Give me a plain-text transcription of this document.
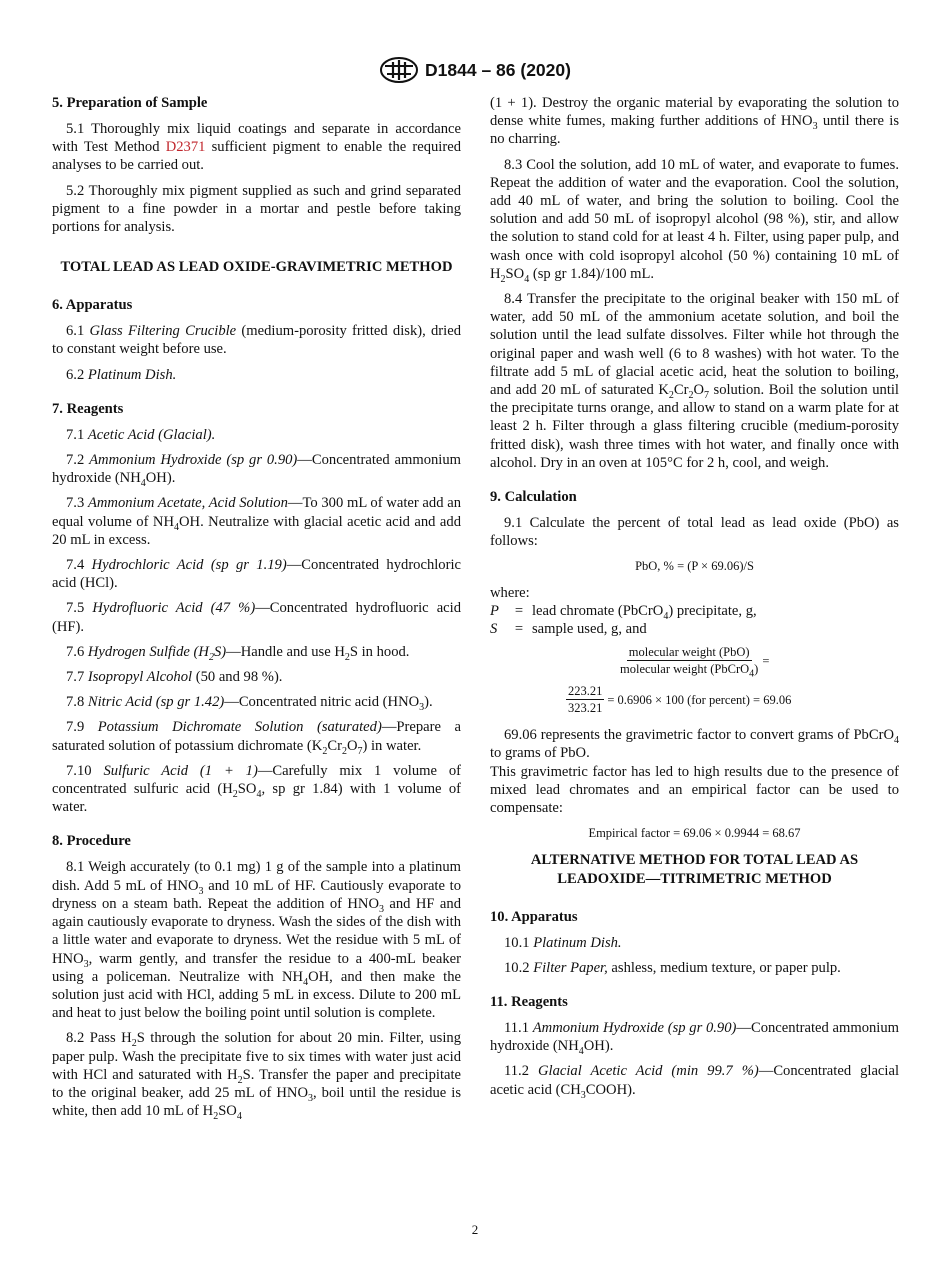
D1844 – 86 (2020)
5. Preparation of Sample
5.1 Thoroughly mix liquid coatings and separate in accordance with Test Method D2371 sufficient pigment to enable the required analyses to be carried out.
5.2 Thoroughly mix pigment supplied as such and grind separated pigment to a fine powder in a mortar and pestle before taking portions for analysis.
TOTAL LEAD AS LEAD OXIDE-GRAVIMETRIC METHOD
6. Apparatus
6.1 Glass Filtering Crucible (medium-porosity fritted disk), dried to constant weight before use.
6.2 Platinum Dish.
7. Reagents
7.1 Acetic Acid (Glacial).
7.2 Ammonium Hydroxide (sp gr 0.90)—Concentrated ammonium hydroxide $(NH_4OH)$.
7.3 Ammonium Acetate, Acid Solution—To 300 mL of water add an equal volume of $NH_4OH$. Neutralize with glacial acetic acid and add 20 mL in excess.
7.4 Hydrochloric Acid (sp gr 1.19)—Concentrated hydrochloric acid (HCl).
7.5 Hydrofluoric Acid (47 %)—Concentrated hydrofluoric acid (HF).
7.6 Hydrogen Sulfide $(H_2S)—Handle$ and use $H_2S$ in hood.
7.7 Isopropyl Alcohol (50 and 98 %).
7.8 Nitric Acid (sp gr 1.42)—Concentrated nitric acid $(HNO_3)$.
7.9 Potassium Dichromate Solution (saturated)—Prepare a saturated solution of potassium dichromate $(K_2Cr_2O_7)$ in water.
7.10 Sulfuric Acid (1 + 1)—Carefully mix 1 volume of concentrated sulfuric acid ($H_2SO_4$, sp gr 1.84) with 1 volume of water.
8. Procedure
8.1 Weigh accurately (to 0.1 mg) 1 g of the sample into a platinum dish. Add 5 mL of $HNO_3$ and 10 mL of HF. Cautiously evaporate to dryness on a steam bath. Repeat the addition of $HNO_3$ and HF and again cautiously evaporate to dryness. Wash the sides of the dish with a little water and evaporate to dryness. Wet the residue with 5 mL of $HNO_3$, warm gently, and transfer the residue to a 400-mL beaker using a policeman. Neutralize with $NH_4OH$, and then make the solution just acid with HCl, adding 5 mL in excess. Dilute to 200 mL and heat to just below the boiling point until solution is complete.
8.2 Pass $H_2S$ through the solution for about 20 min. Filter, using paper pulp. Wash the precipitate five to six times with water just acid with HCl and saturated with $H_2S$. Transfer the paper and precipitate to the original beaker, add 25 mL of $HNO_3$, boil until the residue is white, then add 10 mL of $H_2SO_4$
(1 + 1). Destroy the organic material by evaporating the solution to dense white fumes, making further additions of $HNO_3$ until there is no charring.
8.3 Cool the solution, add 10 mL of water, and evaporate to fumes. Repeat the addition of water and the evaporation. Cool the solution, add 40 mL of water, and bring the solution to boiling. Cool the solution and add 50 mL of isopropyl alcohol (98 %), stir, and allow the solution to stand cold for at least 4 h. Filter, using paper pulp, and wash once with cold isopropyl alcohol (50 %) containing 10 mL of $H_2SO_4$ (sp gr 1.84)/100 mL.
8.4 Transfer the precipitate to the original beaker with 150 mL of water, add 50 mL of the ammonium acetate solution, and boil the solution until the lead sulfate dissolves. Filter while hot through the original paper and wash well (6 to 8 washes) with hot water. To the filtrate add 5 mL of glacial acetic acid, heat the solution to boiling, and add 20 mL of saturated $K_2Cr_2O_7$ solution. Boil the solution until the precipitate turns orange, and allow to stand on a warm plate for at least 2 h. Filter through a glass filtering crucible (medium-porosity fritted disk), wash three times with hot water, and finally once with alcohol. Dry in an oven at 105°C for 2 h, cool, and weigh.
9. Calculation
9.1 Calculate the percent of total lead as lead oxide (PbO) as follows:
PbO, % = (P × 69.06)/S
where:
P	= lead chromate (PbCrO$_4$) precipitate, g,
S	= sample used, g, and
$\frac{\text{molecular weight (PbO)}}{molecular weight (PbCrO_4)}$ =
$\frac{223.21}{323.21} = 0.6906 \times 100$ (for percent) = 69.06
69.06 represents the gravimetric factor to convert grams of PbCrO$_4$ to grams of PbO.
This gravimetric factor has led to high results due to the presence of mixed lead chromates and an empirical factor can be used to compensate:
Empirical factor = 69.06 × 0.9944 = 68.67
ALTERNATIVE METHOD FOR TOTAL LEAD AS LEADOXIDE—TITRIMETRIC METHOD
10. Apparatus
10.1 Platinum Dish.
10.2 Filter Paper, ashless, medium texture, or paper pulp.
11. Reagents
11.1 Ammonium Hydroxide (sp gr 0.90)—Concentrated ammonium hydroxide $(NH_4OH)$.
11.2 Glacial Acetic Acid (min 99.7 %)—Concentrated glacial acetic acid $(CH_3COOH)$.
2
